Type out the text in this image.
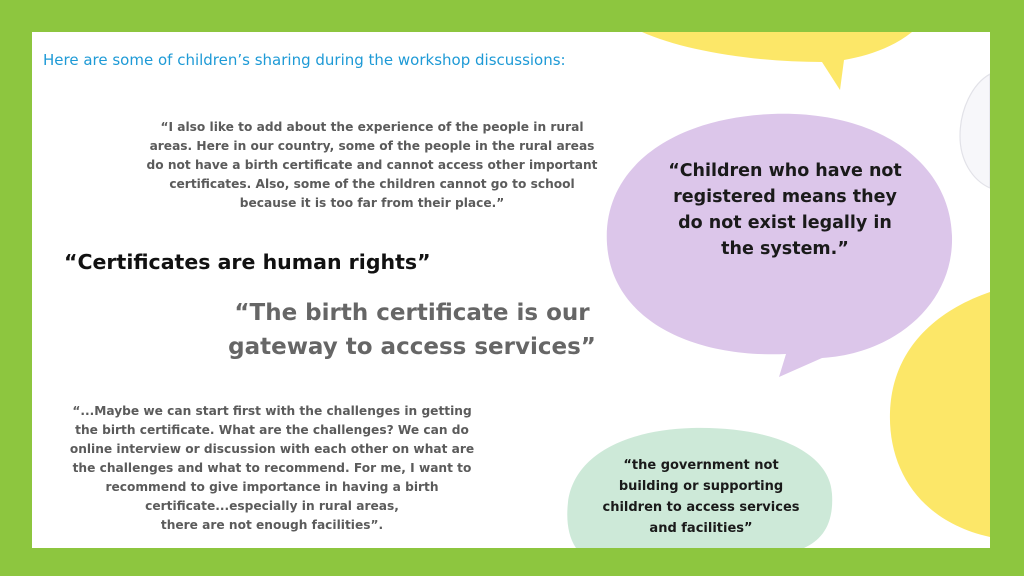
Here are some of children’s sharing during the workshop discussions:

“I also like to add about the experience of the people in rural
areas. Here in our country, some of the people in the rural areas
do not have a birth certificate and cannot access other important
certificates. Also, some of the children cannot go to school
because it is too far from their place.”

“Certificates are human rights”

“The birth certificate is our
gateway to access services”

“...Maybe we can start first with the challenges in getting
the birth certificate. What are the challenges? We can do
online interview or discussion with each other on what are
the challenges and what to recommend. For me, I want to
recommend to give importance in having a birth
certificate...especially in rural areas,
there are not enough facilities”.

“Children who have not
registered means they
do not exist legally in
the system.”

“the government not
building or supporting
children to access services
and facilities”
